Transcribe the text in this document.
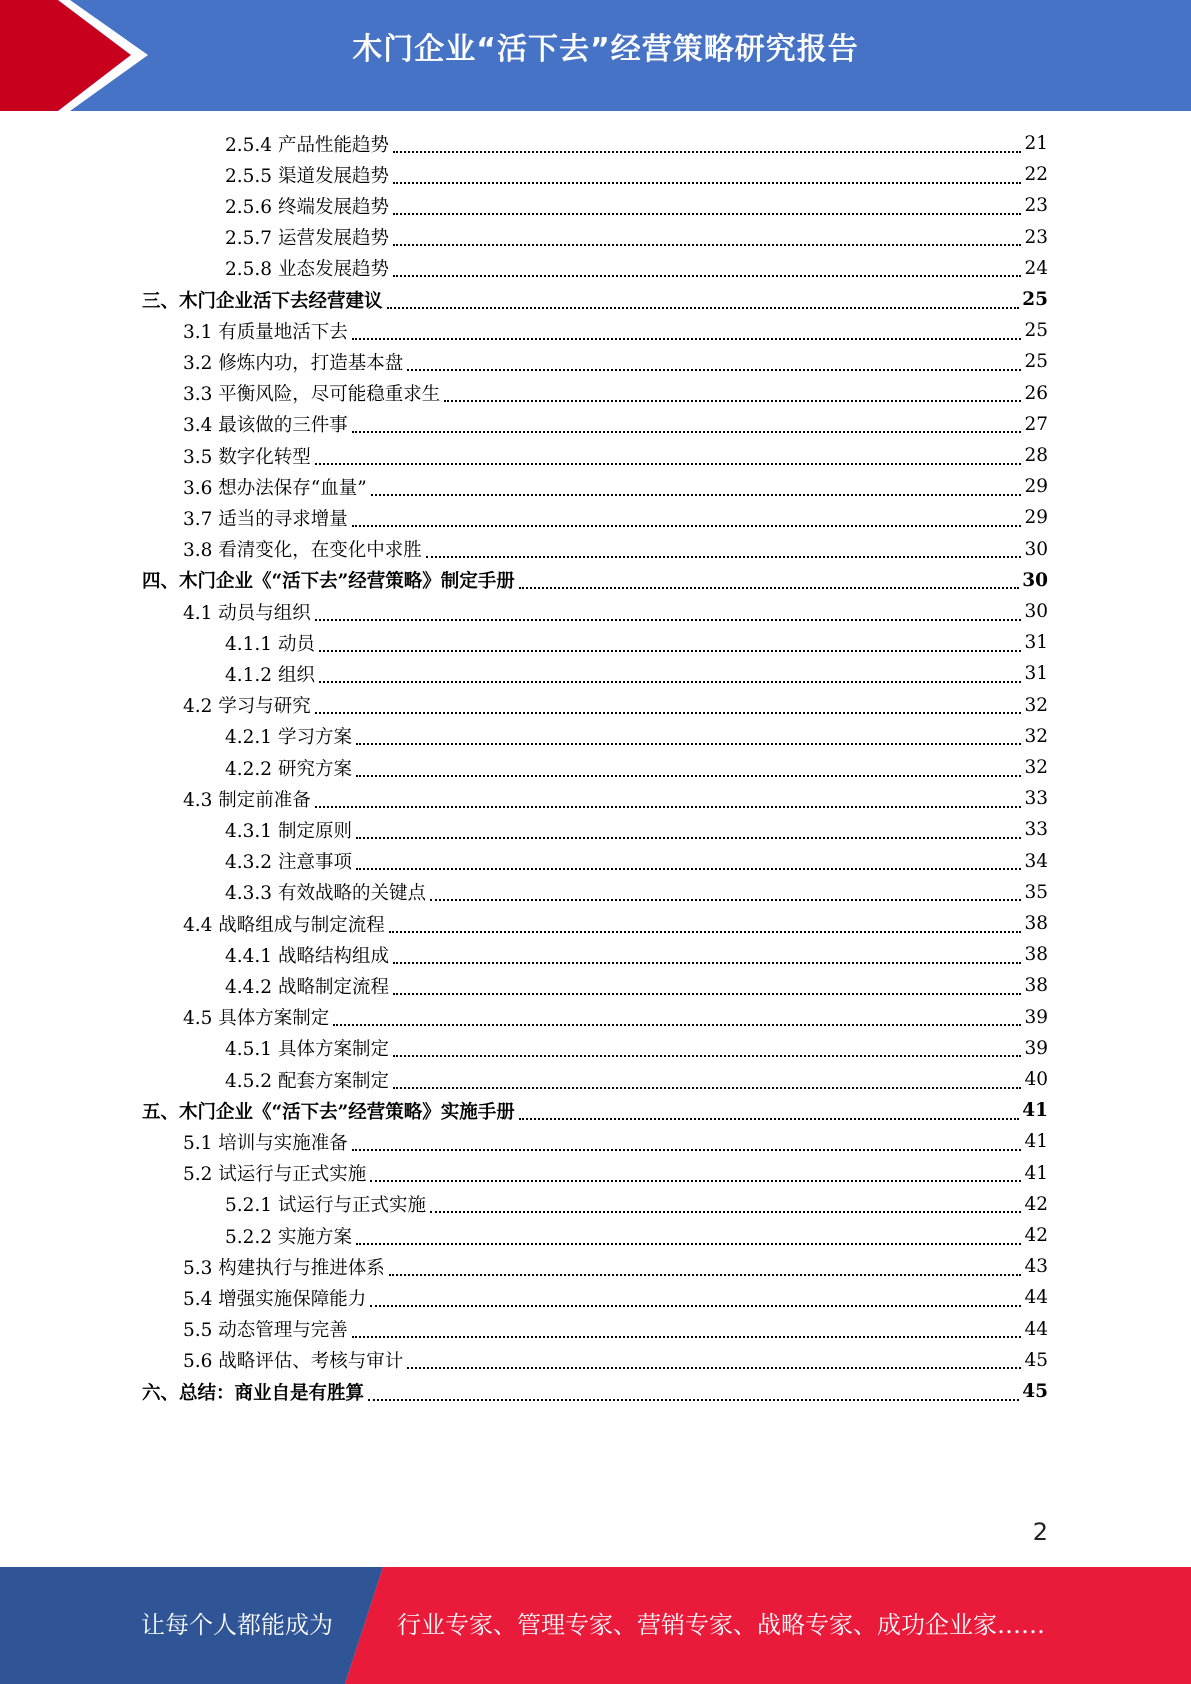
木门企业“活下去”经营策略研究报告
2.5.4 产品性能趋势	21
2.5.5 渠道发展趋势	22
2.5.6 终端发展趋势	23
2.5.7 运营发展趋势	23
2.5.8 业态发展趋势	24
三、木门企业活下去经营建议	25
3.1 有质量地活下去	25
3.2 修炼内功，打造基本盘	25
3.3 平衡风险，尽可能稳重求生	26
3.4 最该做的三件事	27
3.5 数字化转型	28
3.6 想办法保存“血量”	29
3.7 适当的寻求增量	29
3.8 看清变化，在变化中求胜	30
四、木门企业《“活下去”经营策略》制定手册	30
4.1 动员与组织	30
4.1.1 动员	31
4.1.2 组织	31
4.2 学习与研究	32
4.2.1 学习方案	32
4.2.2 研究方案	32
4.3 制定前准备	33
4.3.1 制定原则	33
4.3.2 注意事项	34
4.3.3 有效战略的关键点	35
4.4 战略组成与制定流程	38
4.4.1 战略结构组成	38
4.4.2 战略制定流程	38
4.5 具体方案制定	39
4.5.1 具体方案制定	39
4.5.2 配套方案制定	40
五、木门企业《“活下去”经营策略》实施手册	41
5.1 培训与实施准备	41
5.2 试运行与正式实施	41
5.2.1 试运行与正式实施	42
5.2.2 实施方案	42
5.3 构建执行与推进体系	43
5.4 增强实施保障能力	44
5.5 动态管理与完善	44
5.6 战略评估、考核与审计	45
六、总结：商业自是有胜算	45
2
让每个人都能成为	行业专家、管理专家、营销专家、战略专家、成功企业家……
